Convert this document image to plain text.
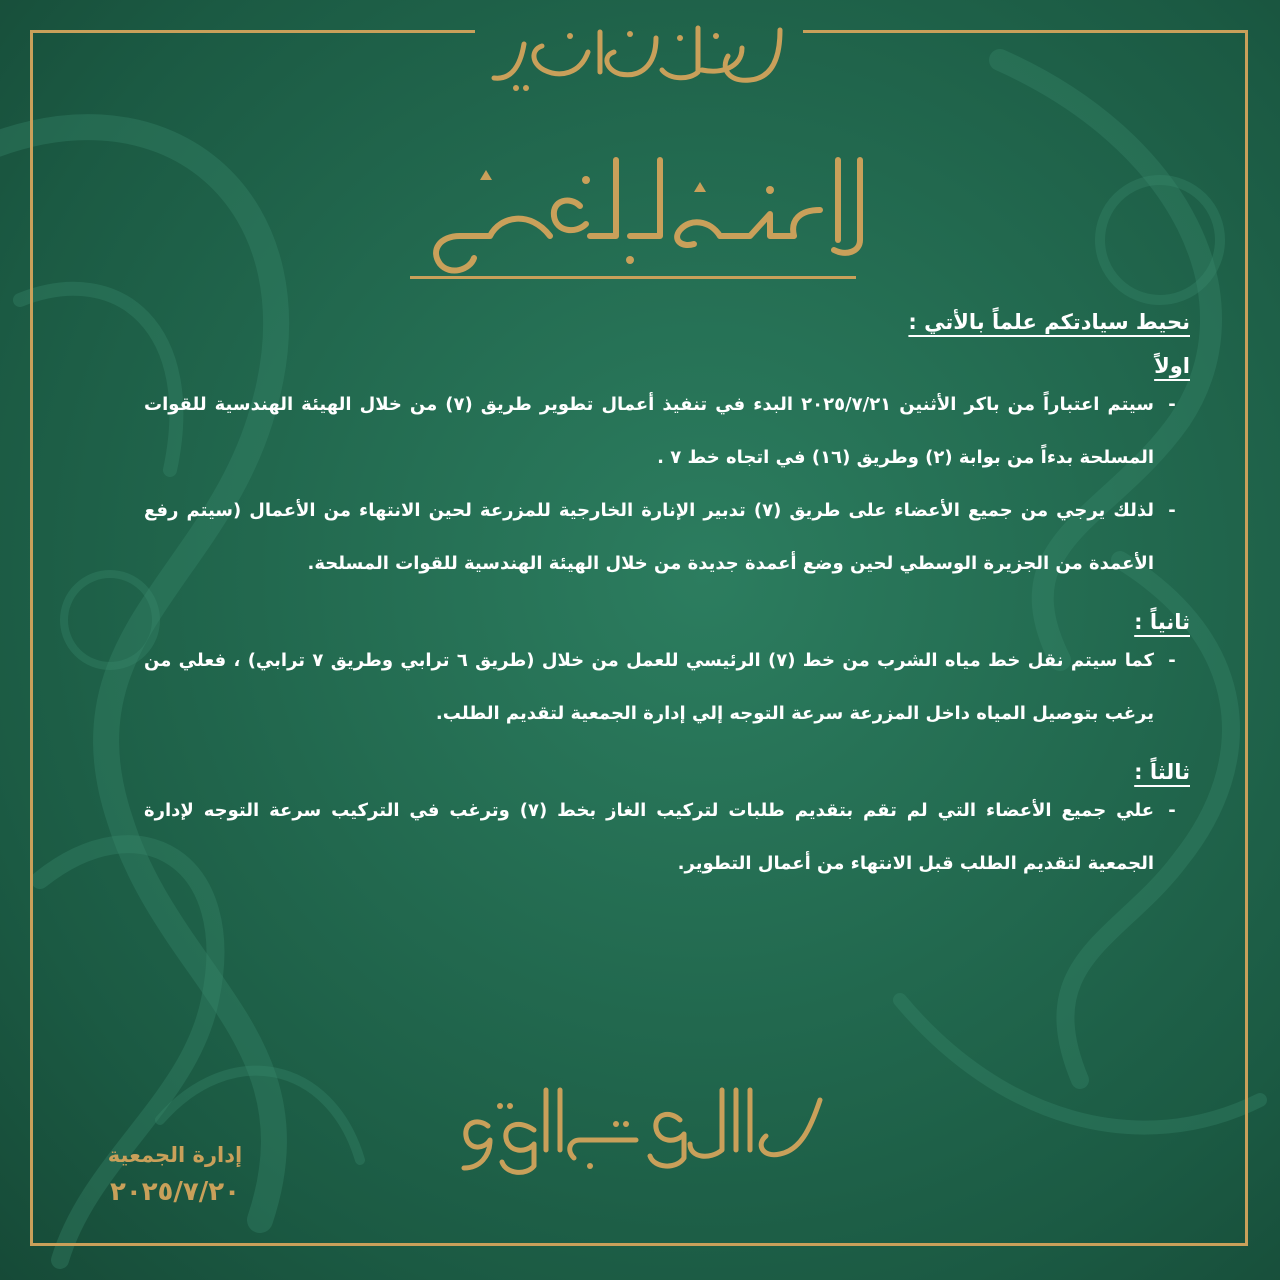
نحيط سيادتكم علماً بالأتي :

اولاً

-
سيتم اعتباراً من باكر الأثنين ٢٠٢٥/٧/٢١ البدء في تنفيذ أعمال تطوير طريق (٧) من خلال الهيئة الهندسية للقوات المسلحة بدءاً من بوابة (٢) وطريق (١٦) في اتجاه خط ٧ .
-
لذلك يرجي من جميع الأعضاء على طريق (٧) تدبير الإنارة الخارجية للمزرعة لحين الانتهاء من الأعمال (سيتم رفع الأعمدة من الجزيرة الوسطي لحين وضع أعمدة جديدة من خلال الهيئة الهندسية للقوات المسلحة.

ثانياً :

-
كما سيتم نقل خط مياه الشرب من خط (٧) الرئيسي للعمل من خلال (طريق ٦ ترابي وطريق ٧ ترابي) ، فعلي من يرغب بتوصيل المياه داخل المزرعة سرعة التوجه إلي إدارة الجمعية لتقديم الطلب.

ثالثاً :

-
علي جميع الأعضاء التي لم تقم بتقديم طلبات لتركيب الغاز بخط (٧) وترغب في التركيب سرعة التوجه لإدارة الجمعية لتقديم الطلب قبل الانتهاء من أعمال التطوير.
إدارة الجمعية
٢٠٢٥/٧/٢٠
